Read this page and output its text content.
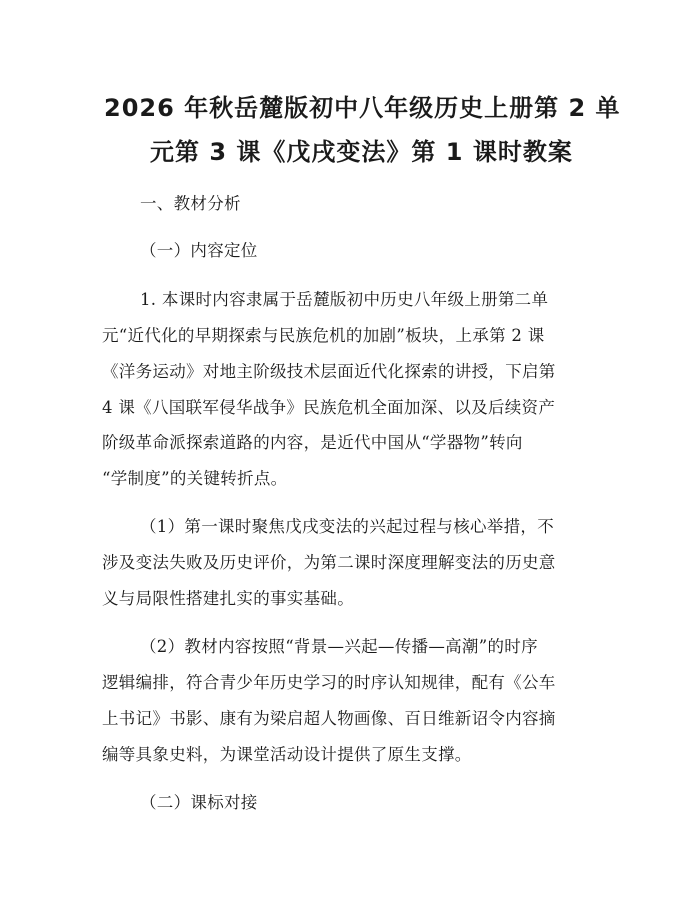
2026 年秋岳麓版初中八年级历史上册第 2 单
元第 3 课《戊戌变法》第 1 课时教案
一、教材分析
（一）内容定位
1. 本课时内容隶属于岳麓版初中历史八年级上册第二单
元“近代化的早期探索与民族危机的加剧”板块，上承第 2 课
《洋务运动》对地主阶级技术层面近代化探索的讲授，下启第
4 课《八国联军侵华战争》民族危机全面加深、以及后续资产
阶级革命派探索道路的内容，是近代中国从“学器物”转向
“学制度”的关键转折点。
（1）第一课时聚焦戊戌变法的兴起过程与核心举措，不
涉及变法失败及历史评价，为第二课时深度理解变法的历史意
义与局限性搭建扎实的事实基础。
（2）教材内容按照“背景—兴起—传播—高潮”的时序
逻辑编排，符合青少年历史学习的时序认知规律，配有《公车
上书记》书影、康有为梁启超人物画像、百日维新诏令内容摘
编等具象史料，为课堂活动设计提供了原生支撑。
（二）课标对接
